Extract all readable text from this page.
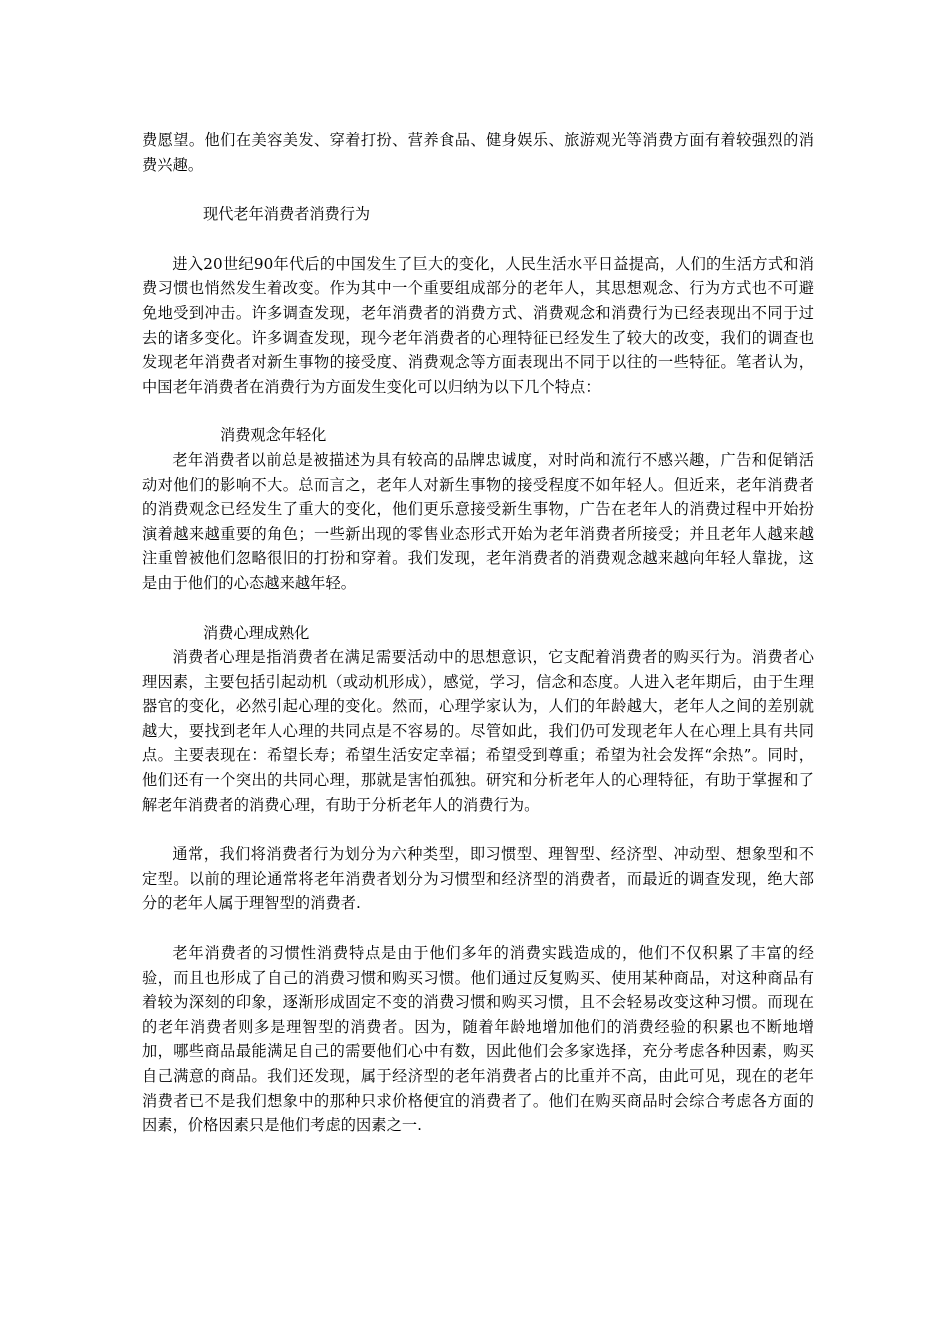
费愿望。他们在美容美发、穿着打扮、营养食品、健身娱乐、旅游观光等消费方面有着较强烈的消费兴趣。

现代老年消费者消费行为

进入20世纪90年代后的中国发生了巨大的变化，人民生活水平日益提高，人们的生活方式和消费习惯也悄然发生着改变。作为其中一个重要组成部分的老年人，其思想观念、行为方式也不可避免地受到冲击。许多调查发现，老年消费者的消费方式、消费观念和消费行为已经表现出不同于过去的诸多变化。许多调查发现，现今老年消费者的心理特征已经发生了较大的改变，我们的调查也发现老年消费者对新生事物的接受度、消费观念等方面表现出不同于以往的一些特征。笔者认为，中国老年消费者在消费行为方面发生变化可以归纳为以下几个特点：

消费观念年轻化

老年消费者以前总是被描述为具有较高的品牌忠诚度，对时尚和流行不感兴趣，广告和促销活动对他们的影响不大。总而言之，老年人对新生事物的接受程度不如年轻人。但近来，老年消费者的消费观念已经发生了重大的变化，他们更乐意接受新生事物，广告在老年人的消费过程中开始扮演着越来越重要的角色；一些新出现的零售业态形式开始为老年消费者所接受；并且老年人越来越注重曾被他们忽略很旧的打扮和穿着。我们发现，老年消费者的消费观念越来越向年轻人靠拢，这是由于他们的心态越来越年轻。

消费心理成熟化

消费者心理是指消费者在满足需要活动中的思想意识，它支配着消费者的购买行为。消费者心理因素，主要包括引起动机（或动机形成），感觉，学习，信念和态度。人进入老年期后，由于生理器官的变化，必然引起心理的变化。然而，心理学家认为，人们的年龄越大，老年人之间的差别就越大，要找到老年人心理的共同点是不容易的。尽管如此，我们仍可发现老年人在心理上具有共同点。主要表现在：希望长寿；希望生活安定幸福；希望受到尊重；希望为社会发挥“余热”。同时，他们还有一个突出的共同心理，那就是害怕孤独。研究和分析老年人的心理特征，有助于掌握和了解老年消费者的消费心理，有助于分析老年人的消费行为。

通常，我们将消费者行为划分为六种类型，即习惯型、理智型、经济型、冲动型、想象型和不定型。以前的理论通常将老年消费者划分为习惯型和经济型的消费者，而最近的调查发现，绝大部分的老年人属于理智型的消费者.

老年消费者的习惯性消费特点是由于他们多年的消费实践造成的，他们不仅积累了丰富的经验，而且也形成了自己的消费习惯和购买习惯。他们通过反复购买、使用某种商品，对这种商品有着较为深刻的印象，逐渐形成固定不变的消费习惯和购买习惯，且不会轻易改变这种习惯。而现在的老年消费者则多是理智型的消费者。因为，随着年龄地增加他们的消费经验的积累也不断地增加，哪些商品最能满足自己的需要他们心中有数，因此他们会多家选择，充分考虑各种因素，购买自己满意的商品。我们还发现，属于经济型的老年消费者占的比重并不高，由此可见，现在的老年消费者已不是我们想象中的那种只求价格便宜的消费者了。他们在购买商品时会综合考虑各方面的因素，价格因素只是他们考虑的因素之一.
